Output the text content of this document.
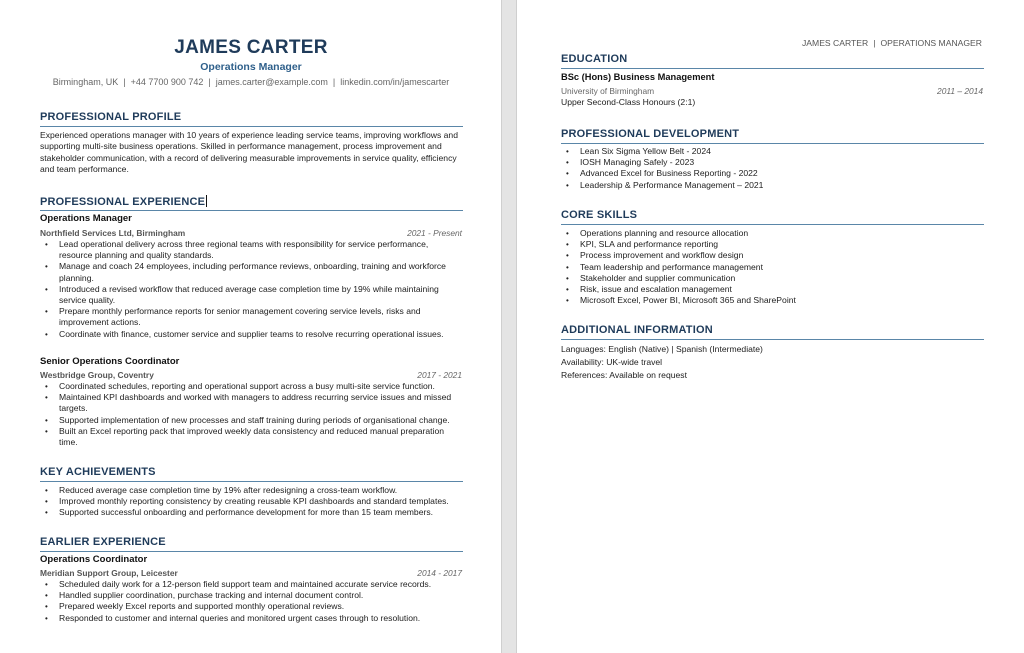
JAMES CARTER
Operations Manager
Birmingham, UK | +44 7700 900 742 | james.carter@example.com | linkedin.com/in/jamescarter
PROFESSIONAL PROFILE
Experienced operations manager with 10 years of experience leading service teams, improving workflows and supporting multi-site business operations. Skilled in performance management, process improvement and stakeholder communication, with a record of delivering measurable improvements in service quality, efficiency and team performance.
PROFESSIONAL EXPERIENCE
Operations Manager
Northfield Services Ltd, Birmingham	2021 - Present
• Lead operational delivery across three regional teams with responsibility for service performance, resource planning and quality standards.
• Manage and coach 24 employees, including performance reviews, onboarding, training and workforce planning.
• Introduced a revised workflow that reduced average case completion time by 19% while maintaining service quality.
• Prepare monthly performance reports for senior management covering service levels, risks and improvement actions.
• Coordinate with finance, customer service and supplier teams to resolve recurring operational issues.
Senior Operations Coordinator
Westbridge Group, Coventry	2017 - 2021
• Coordinated schedules, reporting and operational support across a busy multi-site service function.
• Maintained KPI dashboards and worked with managers to address recurring service issues and missed targets.
• Supported implementation of new processes and staff training during periods of organisational change.
• Built an Excel reporting pack that improved weekly data consistency and reduced manual preparation time.
KEY ACHIEVEMENTS
• Reduced average case completion time by 19% after redesigning a cross-team workflow.
• Improved monthly reporting consistency by creating reusable KPI dashboards and standard templates.
• Supported successful onboarding and performance development for more than 15 team members.
EARLIER EXPERIENCE
Operations Coordinator
Meridian Support Group, Leicester	2014 - 2017
• Scheduled daily work for a 12-person field support team and maintained accurate service records.
• Handled supplier coordination, purchase tracking and internal document control.
• Prepared weekly Excel reports and supported monthly operational reviews.
• Responded to customer and internal queries and monitored urgent cases through to resolution.
JAMES CARTER | OPERATIONS MANAGER
EDUCATION
BSc (Hons) Business Management
University of Birmingham	2011 – 2014
Upper Second-Class Honours (2:1)
PROFESSIONAL DEVELOPMENT
• Lean Six Sigma Yellow Belt - 2024
• IOSH Managing Safely - 2023
• Advanced Excel for Business Reporting - 2022
• Leadership & Performance Management – 2021
CORE SKILLS
• Operations planning and resource allocation
• KPI, SLA and performance reporting
• Process improvement and workflow design
• Team leadership and performance management
• Stakeholder and supplier communication
• Risk, issue and escalation management
• Microsoft Excel, Power BI, Microsoft 365 and SharePoint
ADDITIONAL INFORMATION
Languages: English (Native) | Spanish (Intermediate)
Availability: UK-wide travel
References: Available on request
